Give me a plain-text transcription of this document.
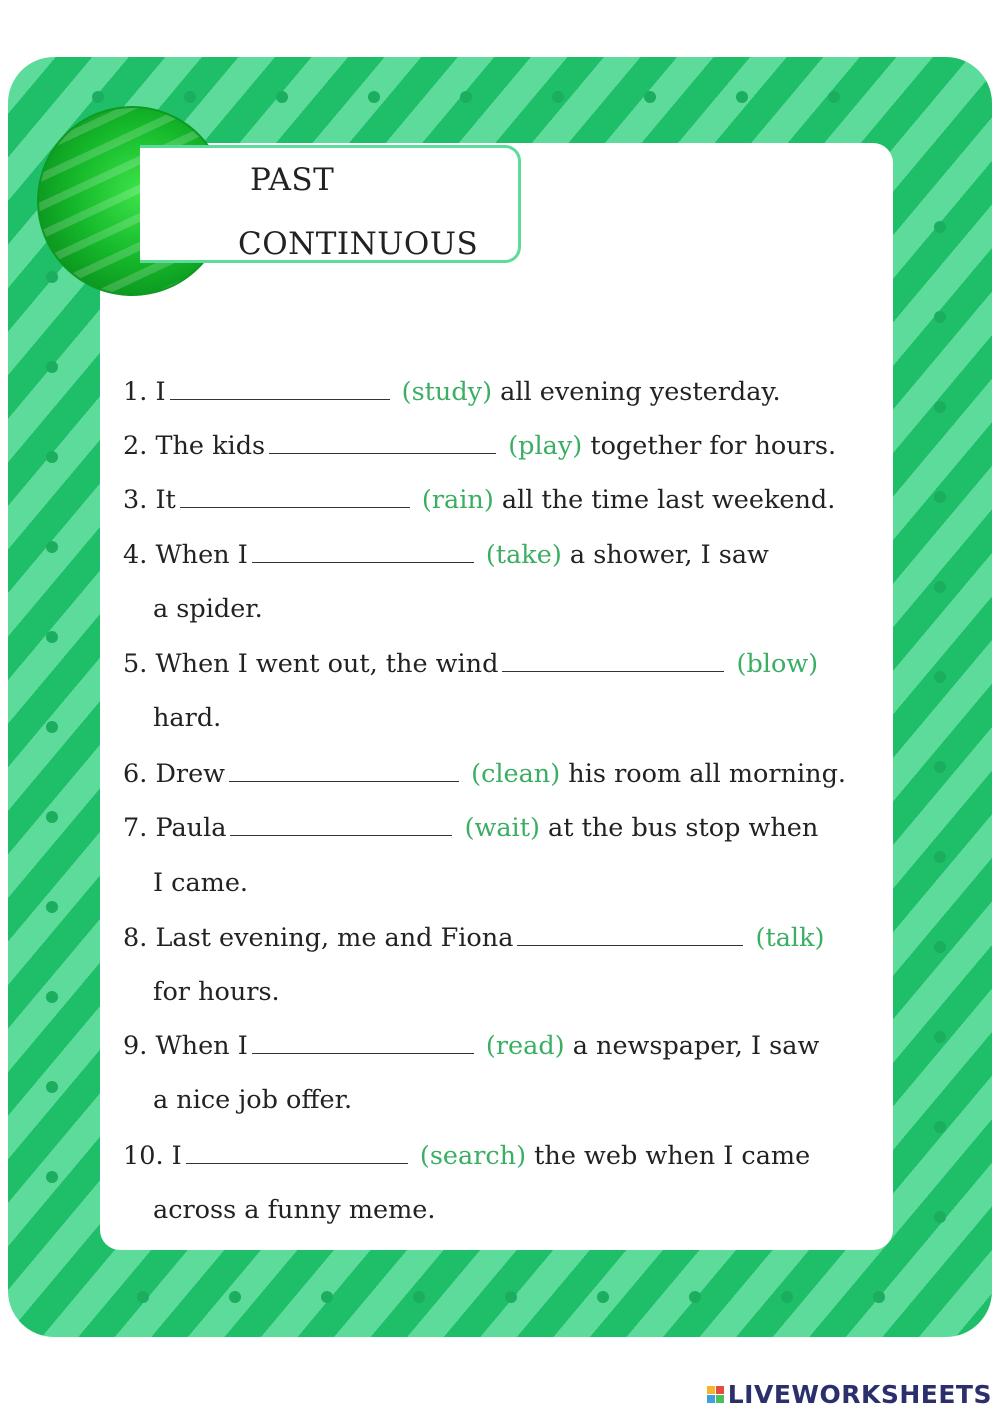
PAST
CONTINUOUS
1. I	(study) all evening yesterday.
2. The kids	(play) together for hours.
3. It	(rain) all the time last weekend.
4. When I	(take) a shower, I saw
a spider.
5. When I went out, the wind	(blow)
hard.
6. Drew	(clean) his room all morning.
7. Paula	(wait) at the bus stop when
I came.
8. Last evening, me and Fiona	(talk)
for hours.
9. When I	(read) a newspaper, I saw
a nice job offer.
10. I	(search) the web when I came
across a funny meme.
LIVEWORKSHEETS
